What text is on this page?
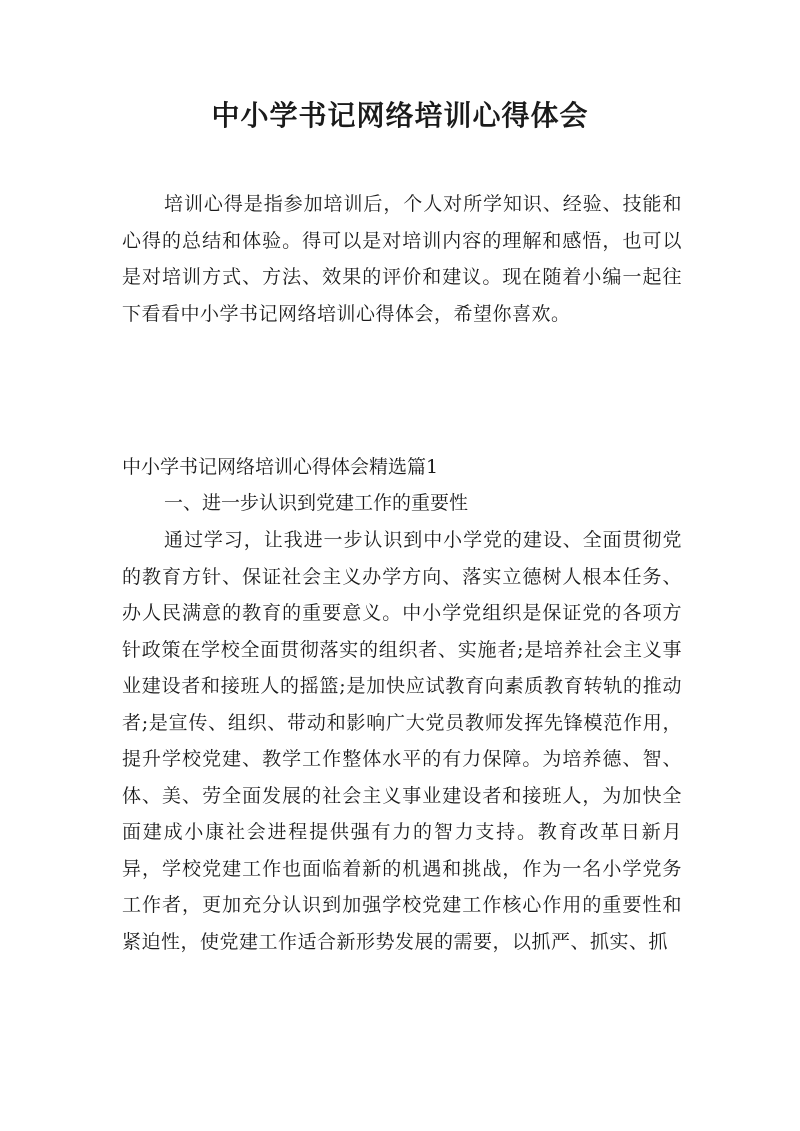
中小学书记网络培训心得体会

培训心得是指参加培训后，个人对所学知识、经验、技能和心得的总结和体验。得可以是对培训内容的理解和感悟，也可以是对培训方式、方法、效果的评价和建议。现在随着小编一起往下看看中小学书记网络培训心得体会，希望你喜欢。

中小学书记网络培训心得体会精选篇1
一、进一步认识到党建工作的重要性

通过学习，让我进一步认识到中小学党的建设、全面贯彻党的教育方针、保证社会主义办学方向、落实立德树人根本任务、办人民满意的教育的重要意义。中小学党组织是保证党的各项方针政策在学校全面贯彻落实的组织者、实施者;是培养社会主义事业建设者和接班人的摇篮;是加快应试教育向素质教育转轨的推动者;是宣传、组织、带动和影响广大党员教师发挥先锋模范作用，提升学校党建、教学工作整体水平的有力保障。为培养德、智、体、美、劳全面发展的社会主义事业建设者和接班人，为加快全面建成小康社会进程提供强有力的智力支持。教育改革日新月异，学校党建工作也面临着新的机遇和挑战，作为一名小学党务工作者，更加充分认识到加强学校党建工作核心作用的重要性和紧迫性，使党建工作适合新形势发展的需要，以抓严、抓实、抓
